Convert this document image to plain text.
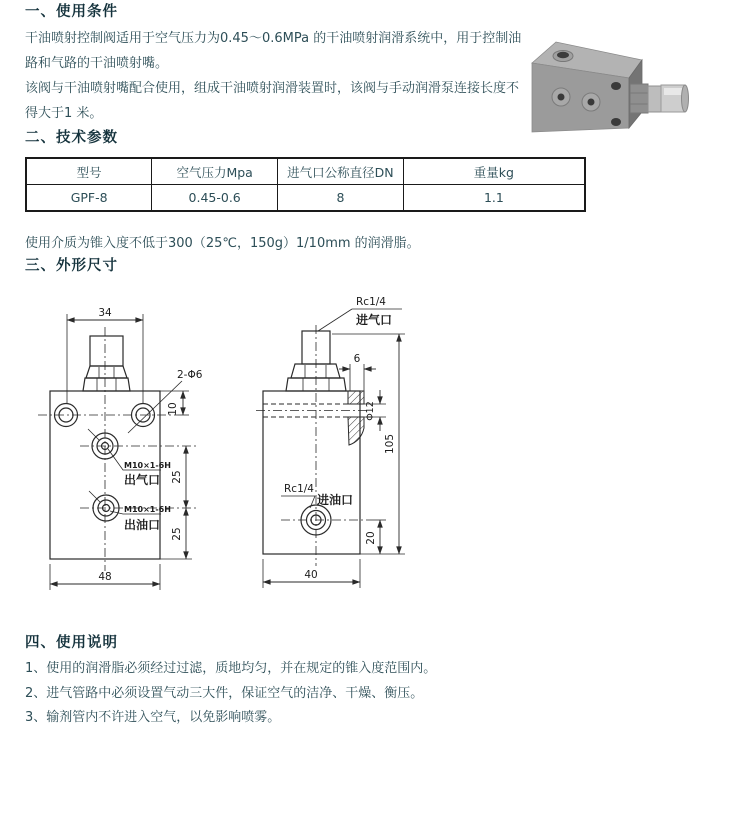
一、使用条件

干油喷射控制阀适用于空气压力为0.45～0.6MPa 的干油喷射润滑系统中，用于控制油路和气路的干油喷射嘴。

该阀与干油喷射嘴配合使用，组成干油喷射润滑装置时，该阀与手动润滑泵连接长度不得大于1 米。

二、技术参数
型号	空气压力Mpa	进气口公称直径DN	重量kg
GPF-8	0.45-0.6	8	1.1

使用介质为锥入度不低于300（25℃，150g）1/10mm 的润滑脂。

三、外形尺寸
34
2-Φ6
10
M10×1-6H
出气口
M10×1-6H
出油口
25
25
48
Rc1/4
进气口
6
Φ12
105
Rc1/4
进油口
20
40
四、使用说明

1、使用的润滑脂必须经过过滤，质地均匀，并在规定的锥入度范围内。

2、进气管路中必须设置气动三大件，保证空气的洁净、干燥、衡压。

3、输剂管内不许进入空气，以免影响喷雾。
